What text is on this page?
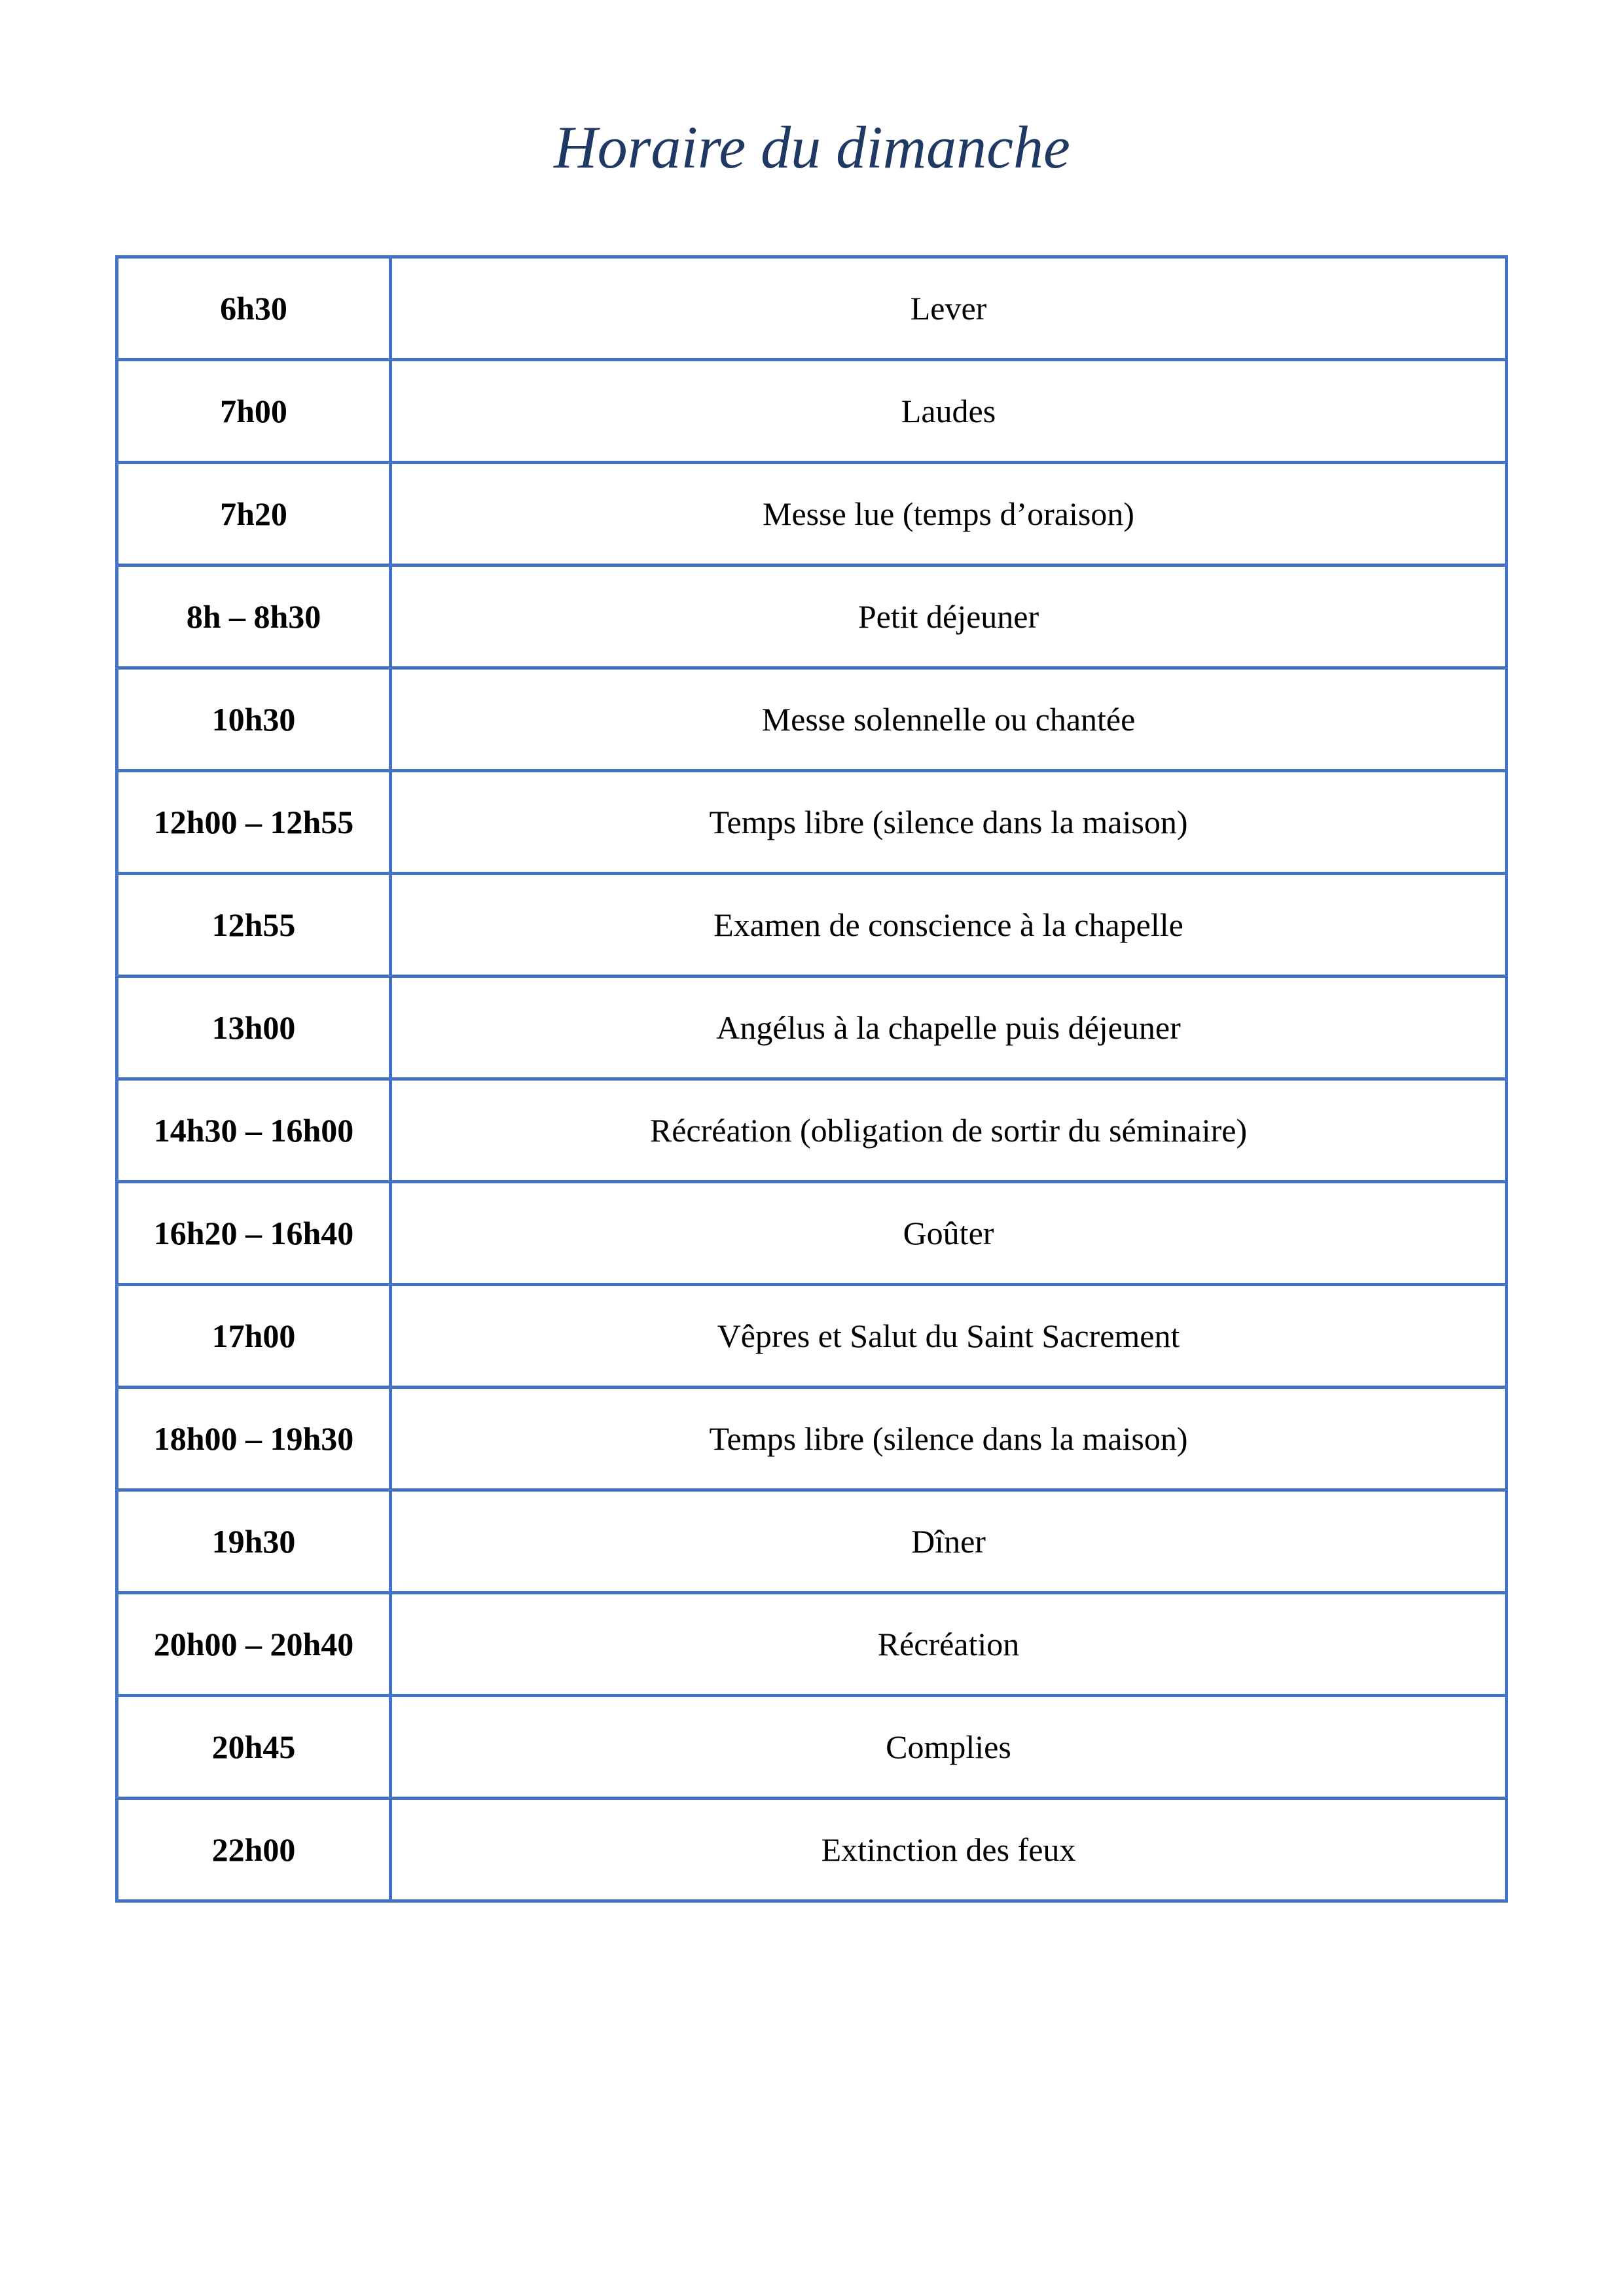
Horaire du dimanche
6h30	Lever
7h00	Laudes
7h20	Messe lue (temps d’oraison)
8h – 8h30	Petit déjeuner
10h30	Messe solennelle ou chantée
12h00 – 12h55	Temps libre (silence dans la maison)
12h55	Examen de conscience à la chapelle
13h00	Angélus à la chapelle puis déjeuner
14h30 – 16h00	Récréation (obligation de sortir du séminaire)
16h20 – 16h40	Goûter
17h00	Vêpres et Salut du Saint Sacrement
18h00 – 19h30	Temps libre (silence dans la maison)
19h30	Dîner
20h00 – 20h40	Récréation
20h45	Complies
22h00	Extinction des feux
